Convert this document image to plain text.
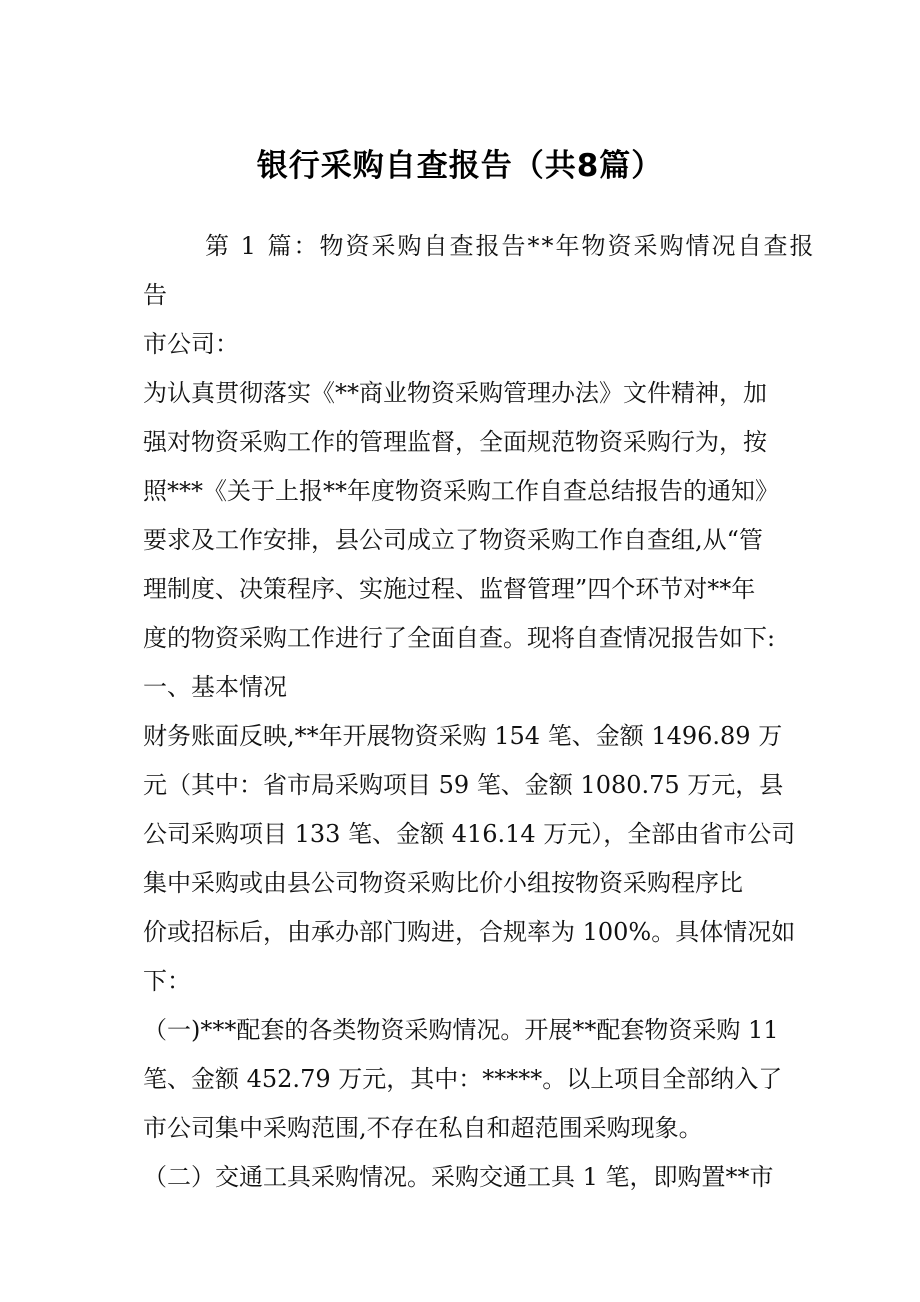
银行采购自查报告（共8篇）
第 1 篇：物资采购自查报告**年物资采购情况自查报
告
市公司：
为认真贯彻落实《**商业物资采购管理办法》文件精神，加
强对物资采购工作的管理监督，全面规范物资采购行为，按
照***《关于上报**年度物资采购工作自查总结报告的通知》
要求及工作安排，县公司成立了物资采购工作自查组,从“管
理制度、决策程序、实施过程、监督管理”四个环节对**年
度的物资采购工作进行了全面自查。现将自查情况报告如下:
一、基本情况
财务账面反映,**年开展物资采购 154 笔、金额 1496.89 万
元（其中：省市局采购项目 59 笔、金额 1080.75 万元，县
公司采购项目 133 笔、金额 416.14 万元），全部由省市公司
集中采购或由县公司物资采购比价小组按物资采购程序比
价或招标后，由承办部门购进，合规率为 100%。具体情况如
下：
（一)***配套的各类物资采购情况。开展**配套物资采购 11
笔、金额 452.79 万元，其中：*****。以上项目全部纳入了
市公司集中采购范围,不存在私自和超范围采购现象。
（二）交通工具采购情况。采购交通工具 1 笔，即购置**市
